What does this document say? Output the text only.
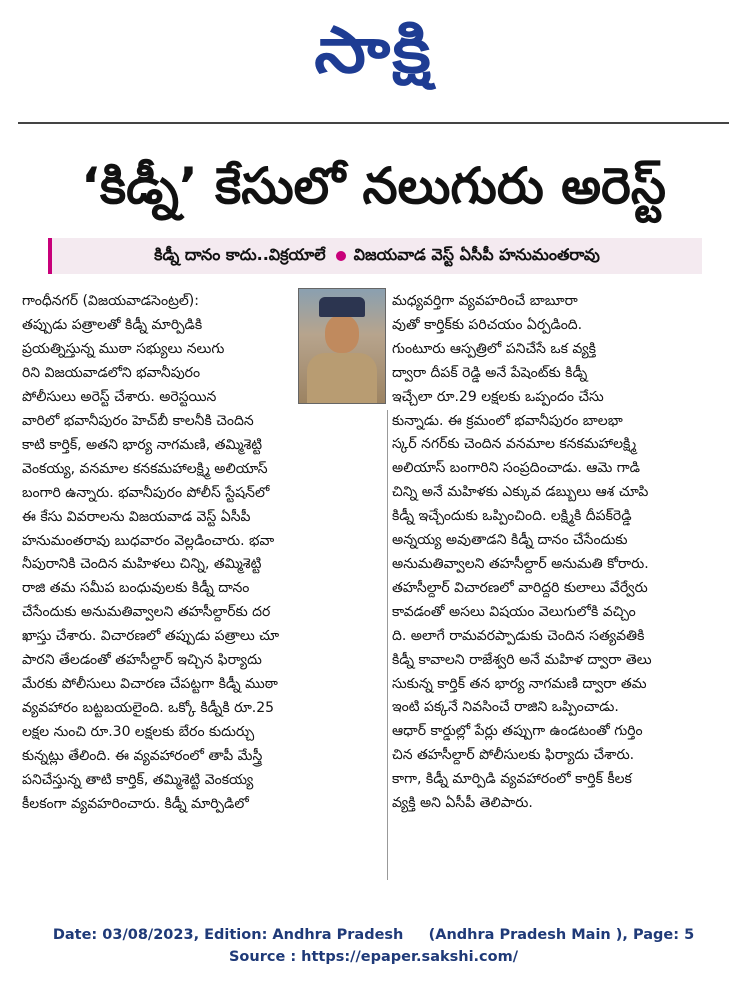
సాక్షి
‘కిడ్నీ’ కేసులో నలుగురు అరెస్ట్
కిడ్నీ దానం కాదు..విక్రయాలే విజయవాడ వెస్ట్ ఏసీపీ హనుమంతరావు

గాంధీనగర్ (విజయవాడసెంట్రల్):

తప్పుడు పత్రాలతో కిడ్నీ మార్పిడికి

ప్రయత్నిస్తున్న ముఠా సభ్యులు నలుగు

రిని విజయవాడలోని భవానీపురం

పోలీసులు అరెస్ట్ చేశారు. అరెస్టయిన

వారిలో భవానీపురం హెచ్‌బీ కాలనీకి చెందిన

కాటి కార్తిక్, అతని భార్య నాగమణి, తమ్మిశెట్టి

వెంకయ్య, వనమాల కనకమహాలక్ష్మి అలియాస్

బంగారి ఉన్నారు. భవానీపురం పోలీస్ స్టేషన్‌లో

ఈ కేసు వివరాలను విజయవాడ వెస్ట్ ఏసీపీ

హనుమంతరావు బుధవారం వెల్లడించారు. భవా

నీపురానికి చెందిన మహిళలు చిన్ని, తమ్మిశెట్టి

రాజి తమ సమీప బంధువులకు కిడ్నీ దానం

చేసేందుకు అనుమతివ్వాలని తహసీల్దార్‌కు దర

ఖాస్తు చేశారు. విచారణలో తప్పుడు పత్రాలు చూ

పారని తేలడంతో తహసీల్దార్ ఇచ్చిన ఫిర్యాదు

మేరకు పోలీసులు విచారణ చేపట్టగా కిడ్నీ ముఠా

వ్యవహారం బట్టబయలైంది. ఒక్కో కిడ్నీకి రూ.25

లక్షల నుంచి రూ.30 లక్షలకు బేరం కుదుర్చు

కున్నట్లు తేలింది. ఈ వ్యవహారంలో తాపీ మేస్త్రీ

పనిచేస్తున్న తాటి కార్తిక్, తమ్మిశెట్టి వెంకయ్య

కీలకంగా వ్యవహరించారు. కిడ్నీ మార్పిడిలో

మధ్యవర్తిగా వ్యవహరించే బాబూరా

వుతో కార్తిక్‌కు పరిచయం ఏర్పడింది.

గుంటూరు ఆస్పత్రిలో పనిచేసే ఒక వ్యక్తి

ద్వారా దీపక్ రెడ్డి అనే పేషెంట్‌కు కిడ్నీ

ఇచ్చేలా రూ.29 లక్షలకు ఒప్పందం చేసు

కున్నాడు. ఈ క్రమంలో భవానీపురం బాలభా

స్కర్ నగర్‌కు చెందిన వనమాల కనకమహాలక్ష్మి

అలియాస్ బంగారిని సంప్రదించాడు. ఆమె గాడి

చిన్ని అనే మహిళకు ఎక్కువ డబ్బులు ఆశ చూపి

కిడ్నీ ఇచ్చేందుకు ఒప్పించింది. లక్ష్మికి దీపక్‌రెడ్డి

అన్నయ్య అవుతాడని కిడ్నీ దానం చేసేందుకు

అనుమతివ్వాలని తహసీల్దార్ అనుమతి కోరారు.

తహసీల్దార్ విచారణలో వారిద్దరి కులాలు వేర్వేరు

కావడంతో అసలు విషయం వెలుగులోకి వచ్చిం

ది. అలాగే రామవరప్పాడుకు చెందిన సత్యవతికి

కిడ్నీ కావాలని రాజేశ్వరి అనే మహిళ ద్వారా తెలు

సుకున్న కార్తిక్ తన భార్య నాగమణి ద్వారా తమ

ఇంటి పక్కనే నివసించే రాజిని ఒప్పించాడు.

ఆధార్ కార్డుల్లో పేర్లు తప్పుగా ఉండటంతో గుర్తిం

చిన తహసీల్దార్ పోలీసులకు ఫిర్యాదు చేశారు.

కాగా, కిడ్నీ మార్పిడి వ్యవహారంలో కార్తిక్ కీలక

వ్యక్తి అని ఏసీపీ తెలిపారు.

Date: 03/08/2023, Edition: Andhra Pradesh     (Andhra Pradesh Main ), Page: 5
Source : https://epaper.sakshi.com/
